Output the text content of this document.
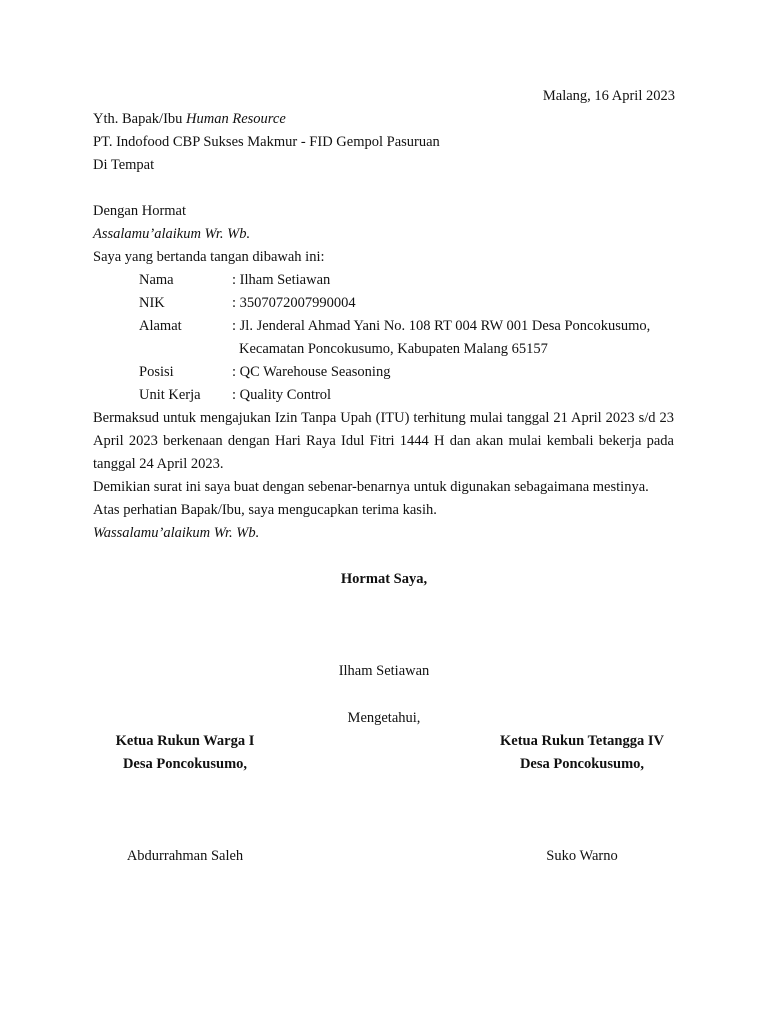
Malang, 16 April 2023
Yth. Bapak/Ibu Human Resource
PT. Indofood CBP Sukses Makmur - FID Gempol Pasuruan
Di Tempat
Dengan Hormat
Assalamu’alaikum Wr. Wb.
Saya yang bertanda tangan dibawah ini:
Nama	: Ilham Setiawan
NIK	: 3507072007990004
Alamat	: Jl. Jenderal Ahmad Yani No. 108 RT 004 RW 001 Desa Poncokusumo,
Kecamatan Poncokusumo, Kabupaten Malang 65157
Posisi	: QC Warehouse Seasoning
Unit Kerja : Quality Control
Bermaksud untuk mengajukan Izin Tanpa Upah (ITU) terhitung mulai tanggal 21 April 2023 s/d 23
April 2023 berkenaan dengan Hari Raya Idul Fitri 1444 H dan akan mulai kembali bekerja pada
tanggal 24 April 2023.
Demikian surat ini saya buat dengan sebenar-benarnya untuk digunakan sebagaimana mestinya.
Atas perhatian Bapak/Ibu, saya mengucapkan terima kasih.
Wassalamu’alaikum Wr. Wb.
Hormat Saya,
Ilham Setiawan
Mengetahui,
Ketua Rukun Warga I
Desa Poncokusumo,
Abdurrahman Saleh
Ketua Rukun Tetangga IV
Desa Poncokusumo,
Suko Warno
